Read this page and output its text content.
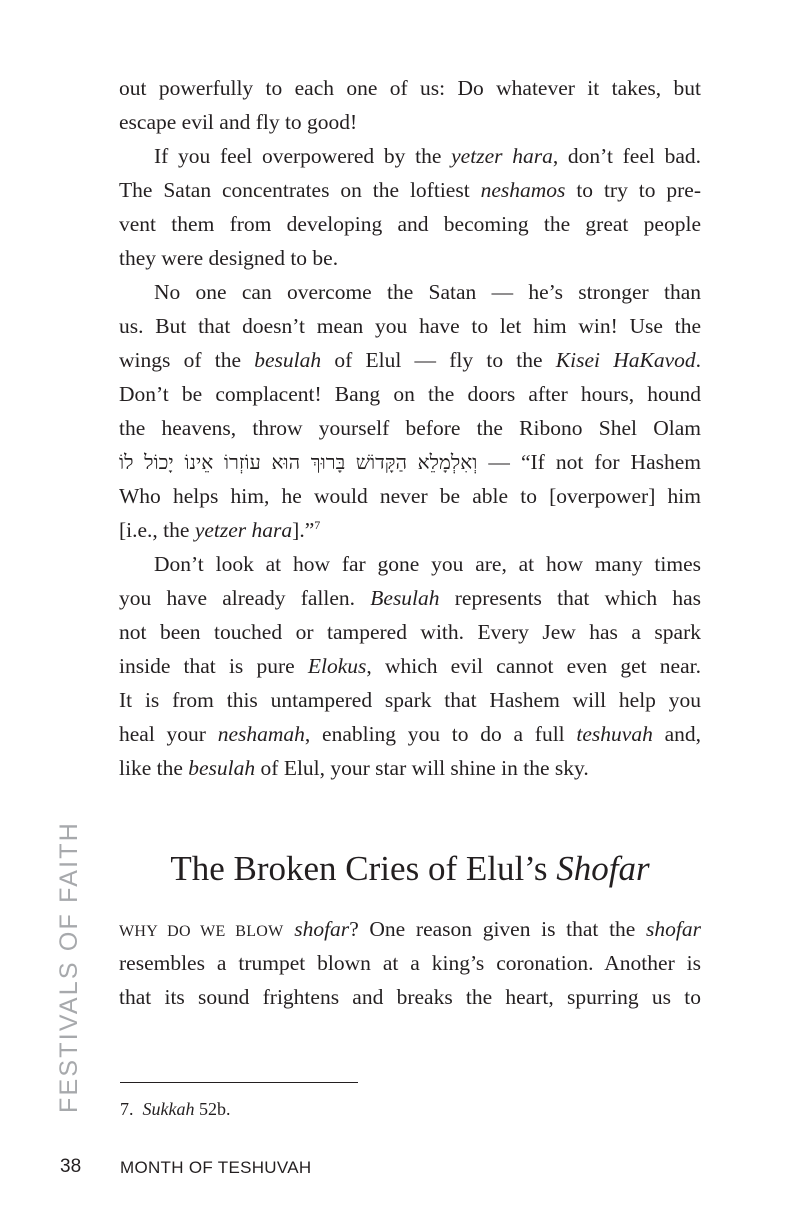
out powerfully to each one of us: Do whatever it takes, but
escape evil and fly to good!
If you feel overpowered by the yetzer hara, don’t feel bad.
The Satan concentrates on the loftiest neshamos to try to pre-
vent them from developing and becoming the great people
they were designed to be.
No one can overcome the Satan — he’s stronger than
us. But that doesn’t mean you have to let him win! Use the
wings of the besulah of Elul — fly to the Kisei HaKavod.
Don’t be complacent! Bang on the doors after hours, hound
the heavens, throw yourself before the Ribono Shel Olam
וְאִלְמָלֵא הַקָּדוֹשׁ בָּרוּךְ הוּא עוֹזְרוֹ אֵינוֹ יָכוֹל לוֹ — “If not for Hashem
Who helps him, he would never be able to [overpower] him
[i.e., the yetzer hara].”$^7$
Don’t look at how far gone you are, at how many times
you have already fallen. Besulah represents that which has
not been touched or tampered with. Every Jew has a spark
inside that is pure Elokus, which evil cannot even get near.
It is from this untampered spark that Hashem will help you
heal your neshamah, enabling you to do a full teshuvah and,
like the besulah of Elul, your star will shine in the sky.
The Broken Cries of Elul’s Shofar
WHY DO WE BLOW shofar? One reason given is that the shofar
resembles a trumpet blown at a king’s coronation. Another is
that its sound frightens and breaks the heart, spurring us to
7. Sukkah 52b.
FESTIVALS OF FAITH
38 MONTH OF TESHUVAH
